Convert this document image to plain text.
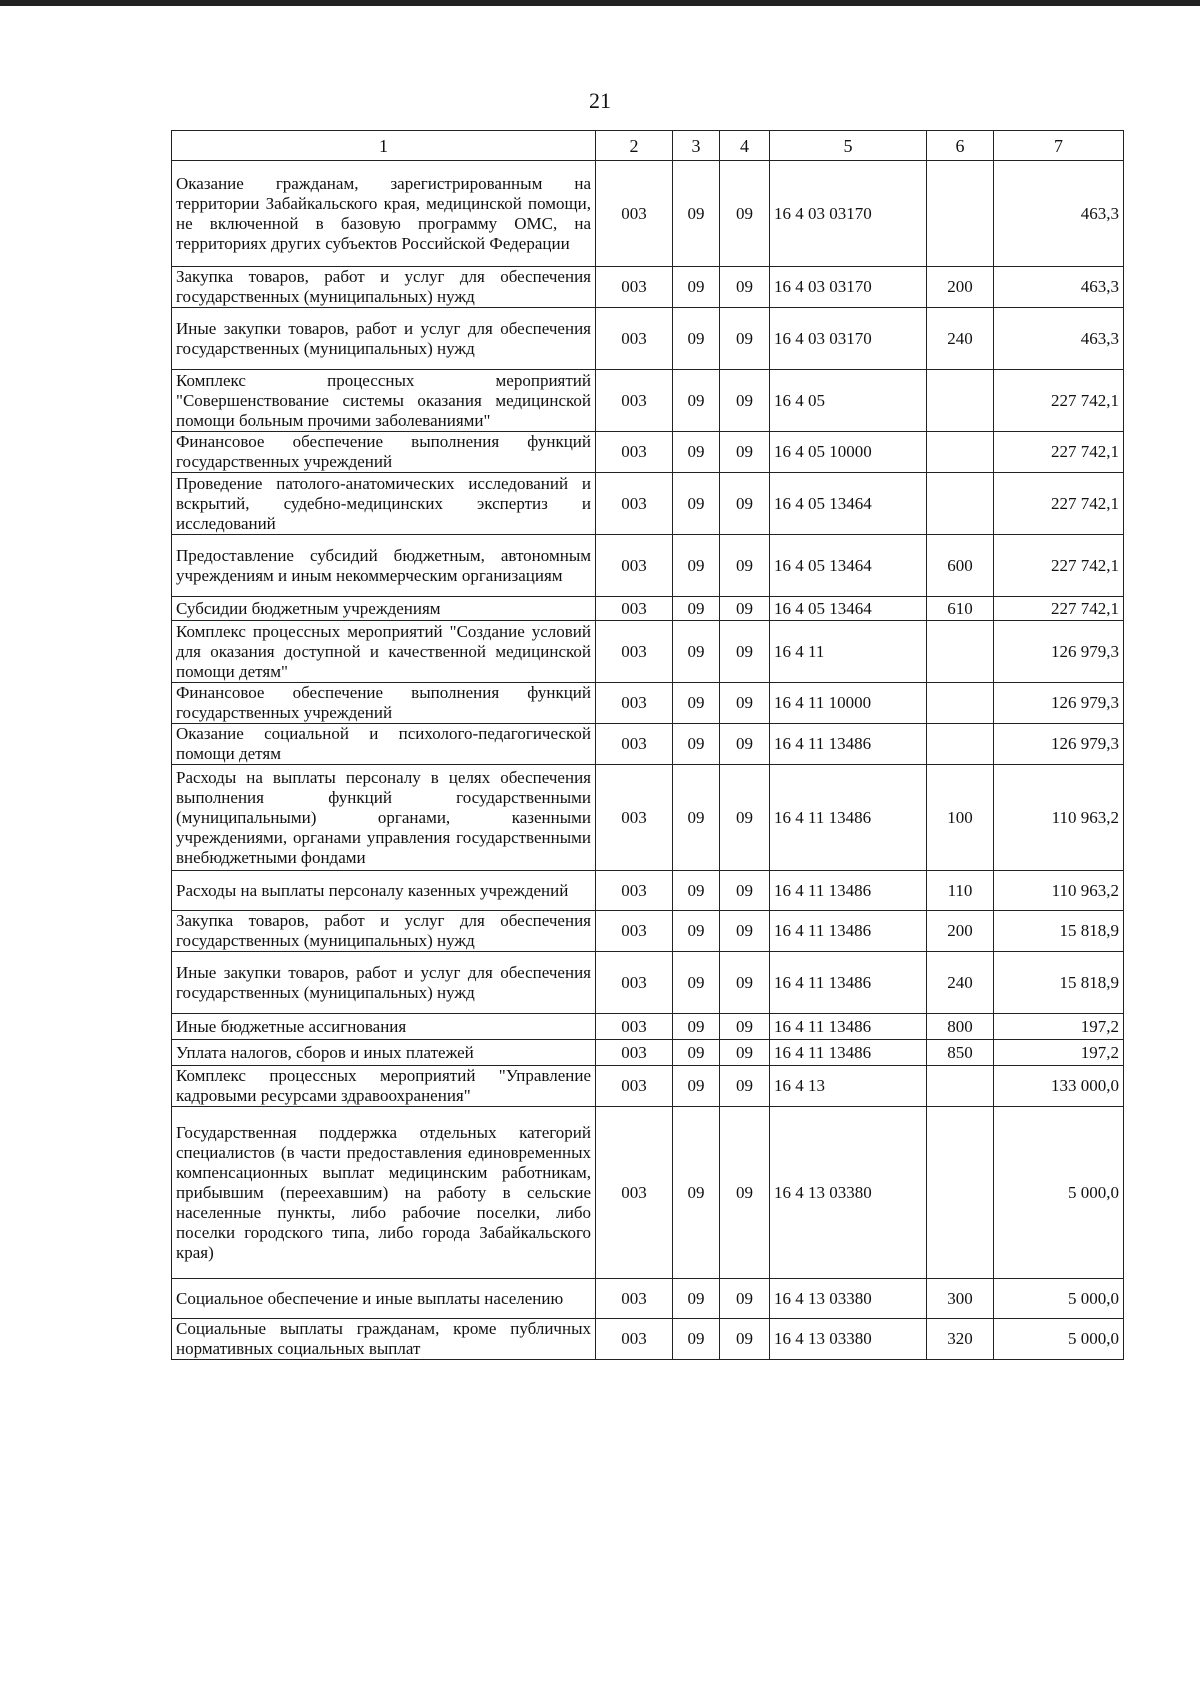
21
1	2	3	4	5	6	7
Оказание гражданам, зарегистрированным на территории Забайкальского края, медицинской помощи, не включенной в базовую программу ОМС, на территориях других субъектов Российской Федерации	003	09	09	16 4 03 03170		463,3
Закупка товаров, работ и услуг для обеспечения государственных (муниципальных) нужд	003	09	09	16 4 03 03170	200	463,3
Иные закупки товаров, работ и услуг для обеспечения государственных (муниципальных) нужд	003	09	09	16 4 03 03170	240	463,3
Комплекс процессных мероприятий "Совершенствование системы оказания медицинской помощи больным прочими заболеваниями"	003	09	09	16 4 05		227 742,1
Финансовое обеспечение выполнения функций государственных учреждений	003	09	09	16 4 05 10000		227 742,1
Проведение патолого-анатомических исследований и вскрытий, судебно-медицинских экспертиз и исследований	003	09	09	16 4 05 13464		227 742,1
Предоставление субсидий бюджетным, автономным учреждениям и иным некоммерческим организациям	003	09	09	16 4 05 13464	600	227 742,1
Субсидии бюджетным учреждениям	003	09	09	16 4 05 13464	610	227 742,1
Комплекс процессных мероприятий "Создание условий для оказания доступной и качественной медицинской помощи детям"	003	09	09	16 4 11		126 979,3
Финансовое обеспечение выполнения функций государственных учреждений	003	09	09	16 4 11 10000		126 979,3
Оказание социальной и психолого-педагогической помощи детям	003	09	09	16 4 11 13486		126 979,3
Расходы на выплаты персоналу в целях обеспечения выполнения функций государственными (муниципальными) органами, казенными учреждениями, органами управления государственными внебюджетными фондами	003	09	09	16 4 11 13486	100	110 963,2
Расходы на выплаты персоналу казенных учреждений	003	09	09	16 4 11 13486	110	110 963,2
Закупка товаров, работ и услуг для обеспечения государственных (муниципальных) нужд	003	09	09	16 4 11 13486	200	15 818,9
Иные закупки товаров, работ и услуг для обеспечения государственных (муниципальных) нужд	003	09	09	16 4 11 13486	240	15 818,9
Иные бюджетные ассигнования	003	09	09	16 4 11 13486	800	197,2
Уплата налогов, сборов и иных платежей	003	09	09	16 4 11 13486	850	197,2
Комплекс процессных мероприятий "Управление кадровыми ресурсами здравоохранения"	003	09	09	16 4 13		133 000,0
Государственная поддержка отдельных категорий специалистов (в части предоставления единовременных компенсационных выплат медицинским работникам, прибывшим (переехавшим) на работу в сельские населенные пункты, либо рабочие поселки, либо поселки городского типа, либо города Забайкальского края)	003	09	09	16 4 13 03380		5 000,0
Социальное обеспечение и иные выплаты населению	003	09	09	16 4 13 03380	300	5 000,0
Социальные выплаты гражданам, кроме публичных нормативных социальных выплат	003	09	09	16 4 13 03380	320	5 000,0
